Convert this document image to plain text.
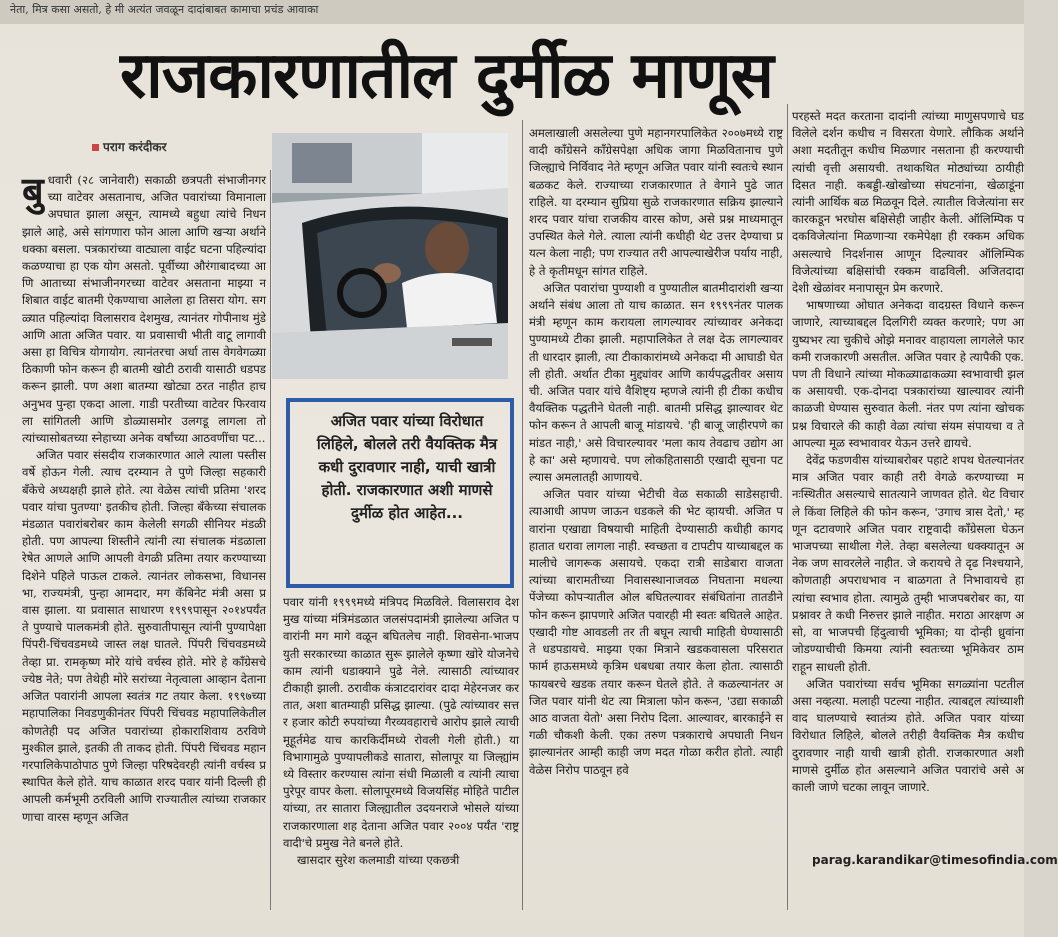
नेता, मित्र कसा असतो, हे मी अत्यंत जवळून दादांबाबत कामाचा प्रचंड आवाका
राजकारणातील दुर्मीळ माणूस
पराग करंदीकर

बुधवारी (२८ जानेवारी) सकाळी छत्रपती संभाजीनगरच्या वाटेवर असतानाच, अजित पवारांच्या विमानाला अपघात झाला असून, त्यामध्ये बहुधा त्यांचे निधन झाले आहे, असे सांगणारा फोन आला आणि खऱ्या अर्थाने धक्का बसला. पत्रकारांच्या वाट्याला वाईट घटना पहिल्यांदा कळण्याचा हा एक योग असतो. पूर्वीच्या औरंगाबादच्या आणि आताच्या संभाजीनगरच्या वाटेवर असताना माझ्या नशिबात वाईट बातमी ऐकण्याचा आलेला हा तिसरा योग. सगळ्यात पहिल्यांदा विलासराव देशमुख, त्यानंतर गोपीनाथ मुंडे आणि आता अजित पवार. या प्रवासाची भीती वाटू लागावी असा हा विचित्र योगायोग. त्यानंतरचा अर्धा तास वेगवेगळ्या ठिकाणी फोन करून ही बातमी खोटी ठरावी यासाठी धडपड करून झाली. पण अशा बातम्या खोट्या ठरत नाहीत हाच अनुभव पुन्हा एकदा आला. गाडी परतीच्या वाटेवर फिरवायला सांगितली आणि डोळ्यासमोर उलगडू लागला तो त्यांच्यासोबतच्या स्नेहाच्या अनेक वर्षांच्या आठवणींचा पट...

अजित पवार संसदीय राजकारणात आले त्याला पस्तीस वर्षे होऊन गेली. त्याच दरम्यान ते पुणे जिल्हा सहकारी बँकेचे अध्यक्षही झाले होते. त्या वेळेस त्यांची प्रतिमा 'शरद पवार यांचा पुतण्या' इतकीच होती. जिल्हा बँकेच्या संचालक मंडळात पवारांबरोबर काम केलेली सगळी सीनियर मंडळी होती. पण आपल्या शिस्तीने त्यांनी त्या संचालक मंडळाला रेषेत आणले आणि आपली वेगळी प्रतिमा तयार करण्याच्या दिशेने पहिले पाऊल टाकले. त्यानंतर लोकसभा, विधानसभा, राज्यमंत्री, पुन्हा आमदार, मग कॅबिनेट मंत्री असा प्रवास झाला. या प्रवासात साधारण १९९९पासून २०१४पर्यंत ते पुण्याचे पालकमंत्री होते. सुरुवातीपासून त्यांनी पुण्यापेक्षा पिंपरी-चिंचवडमध्ये जास्त लक्ष घातले. पिंपरी चिंचवडमध्ये तेव्हा प्रा. रामकृष्ण मोरे यांचे वर्चस्व होते. मोरे हे काँग्रेसचे ज्येष्ठ नेते; पण तेथेही मोरे सरांच्या नेतृत्वाला आव्हान देताना अजित पवारांनी आपला स्वतंत्र गट तयार केला. १९९७च्या महापालिका निवडणुकीनंतर पिंपरी चिंचवड महापालिकेतील कोणतेही पद अजित पवारांच्या होकाराशिवाय ठरविणे मुश्कील झाले, इतकी ती ताकद होती. पिंपरी चिंचवड महानगरपालिकेपाठोपाठ पुणे जिल्हा परिषदेवरही त्यांनी वर्चस्व प्रस्थापित केले होते. याच काळात शरद पवार यांनी दिल्ली ही आपली कर्मभूमी ठरविली आणि राज्यातील त्यांच्या राजकारणाचा वारस म्हणून अजित

पवार यांनी १९९९मध्ये मंत्रिपद मिळविले. विलासराव देशमुख यांच्या मंत्रिमंडळात जलसंपदामंत्री झालेल्या अजित पवारांनी मग मागे वळून बघितलेच नाही. शिवसेना-भाजप युती सरकारच्या काळात सुरू झालेले कृष्णा खोरे योजनेचे काम त्यांनी धडाक्याने पुढे नेले. त्यासाठी त्यांच्यावर टीकाही झाली. ठरावीक कंत्राटदारांवर दादा मेहेरनजर करतात, अशा बातम्याही प्रसिद्ध झाल्या. (पुढे त्यांच्यावर सत्तर हजार कोटी रुपयांच्या गैरव्यवहाराचे आरोप झाले त्याची मूहूर्तमेढ याच कारकिर्दीमध्ये रोवली गेली होती.) या विभागामुळे पुण्यापलीकडे सातारा, सोलापूर या जिल्ह्यांमध्ये विस्तार करण्यास त्यांना संधी मिळाली व त्यांनी त्याचा पुरेपूर वापर केला. सोलापूरमध्ये विजयसिंह मोहिते पाटील यांच्या, तर सातारा जिल्ह्यातील उदयनराजे भोसले यांच्या राजकारणाला शह देताना अजित पवार २००४ पर्यंत 'राष्ट्रवादी'चे प्रमुख नेते बनले होते.

खासदार सुरेश कलमाडी यांच्या एकछत्री

अजित पवार यांच्या विरोधात लिहिले, बोलले तरी वैयक्तिक मैत्र कधी दुरावणार नाही, याची खात्री होती. राजकारणात अशी माणसे दुर्मीळ होत आहेत...

अमलाखाली असलेल्या पुणे महानगरपालिकेत २००७मध्ये राष्ट्रवादी काँग्रेसने काँग्रेसपेक्षा अधिक जागा मिळवितानाच पुणे जिल्ह्याचे निर्विवाद नेते म्हणून अजित पवार यांनी स्वतःचे स्थान बळकट केले. राज्याच्या राजकारणात ते वेगाने पुढे जात राहिले. या दरम्यान सुप्रिया सुळे राजकारणात सक्रिय झाल्याने शरद पवार यांचा राजकीय वारस कोण, असे प्रश्न माध्यमातून उपस्थित केले गेले. त्याला त्यांनी कधीही थेट उत्तर देण्याचा प्रयत्न केला नाही; पण राज्यात तरी आपल्याखेरीज पर्याय नाही, हे ते कृतीमधून सांगत राहिले.

अजित पवारांचा पुण्याशी व पुण्यातील बातमीदारांशी खऱ्या अर्थाने संबंध आला तो याच काळात. सन १९९९नंतर पालकमंत्री म्हणून काम करायला लागल्यावर त्यांच्यावर अनेकदा पुण्यामध्ये टीका झाली. महापालिकेत ते लक्ष देऊ लागल्यावर ती धारदार झाली, त्या टीकाकारांमध्ये अनेकदा मी आघाडी घेतली होती. अर्थात टीका मुद्द्यांवर आणि कार्यपद्धतीवर असायची. अजित पवार यांचे वैशिष्ट्य म्हणजे त्यांनी ही टीका कधीच वैयक्तिक पद्धतीने घेतली नाही. बातमी प्रसिद्ध झाल्यावर थेट फोन करून ते आपली बाजू मांडायचे. 'ही बाजू जाहीरपणे का मांडत नाही,' असे विचारल्यावर 'मला काय तेवढाच उद्योग आहे का' असे म्हणायचे. पण लोकहितासाठी एखादी सूचना पटल्यास अमलातही आणायचे.

अजित पवार यांच्या भेटीची वेळ सकाळी साडेसहाची. त्याआधी आपण जाऊन धडकले की भेट व्हायची. अजित पवारांना एखाद्या विषयाची माहिती देण्यासाठी कधीही कागद हातात धरावा लागला नाही. स्वच्छता व टापटीप याच्याबद्दल कमालीचे जागरूक असायचे. एकदा रात्री साडेबारा वाजता त्यांच्या बारामतीच्या निवासस्थानाजवळ निघताना मधल्या पेंजेच्या कोपऱ्यातील ओल बघितल्यावर संबंधितांना तातडीने फोन करून झापणारे अजित पवारही मी स्वतः बघितले आहेत. एखादी गोष्ट आवडली तर ती बघून त्याची माहिती घेण्यासाठी ते धडपडायचे. माझ्या एका मित्राने खडकवासला परिसरात फार्म हाऊसमध्ये कृत्रिम धबधबा तयार केला होता. त्यासाठी फायबरचे खडक तयार करून घेतले होते. ते कळल्यानंतर अजित पवार यांनी थेट त्या मित्राला फोन करून, 'उद्या सकाळी आठ वाजता येतो' असा निरोप दिला. आल्यावर, बारकाईने सगळी चौकशी केली. एका तरुण पत्रकाराचे अपघाती निधन झाल्यानंतर आम्ही काही जण मदत गोळा करीत होतो. त्याही वेळेस निरोप पाठवून हवे

परहस्ते मदत करताना दादांनी त्यांच्या माणुसपणाचे घडविलेले दर्शन कधीच न विसरता येणारे. लौकिक अर्थाने अशा मदतीतून कधीच मिळणार नसताना ही करण्याची त्यांची वृत्ती असायची. तथाकथित मोठ्यांच्या ठायीही दिसत नाही. कबड्डी-खोखोच्या संघटनांना, खेळाडूंना त्यांनी आर्थिक बळ मिळवून दिले. त्यातील विजेत्यांना सरकारकडून भरघोस बक्षिसेही जाहीर केली. ऑलिम्पिक पदकविजेत्यांना मिळणाऱ्या रकमेपेक्षा ही रक्कम अधिक असल्याचे निदर्शनास आणून दिल्यावर ऑलिम्पिक विजेत्यांच्या बक्षिसांची रक्कम वाढविली. अजितदादा देशी खेळांवर मनापासून प्रेम करणारे.

भाषणाच्या ओघात अनेकदा वादग्रस्त विधाने करून जाणारे, त्याच्याबद्दल दिलगिरी व्यक्त करणारे; पण आयुष्यभर त्या चुकीचे ओझे मनावर वाहायला लागलेले फार कमी राजकारणी असतील. अजित पवार हे त्यापैकी एक. पण ती विधाने त्यांच्या मोकळ्याढाकळ्या स्वभावाची झलक असायची. एक-दोनदा पत्रकारांच्या खाल्यावर त्यांनी काळजी घेण्यास सुरुवात केली. नंतर पण त्यांना खोचक प्रश्न विचारले की काही वेळा त्यांचा संयम संपायचा व ते आपल्या मूळ स्वभावावर येऊन उत्तरे द्यायचे.

देवेंद्र फडणवीस यांच्याबरोबर पहाटे शपथ घेतल्यानंतर मात्र अजित पवार काही तरी वेगळे करण्याच्या मनःस्थितीत असल्याचे सातत्याने जाणवत होते. थेट विचारले किंवा लिहिले की फोन करून, 'उगाच त्रास देतो,' म्हणून दटावणारे अजित पवार राष्ट्रवादी काँग्रेसला घेऊन भाजपच्या साथीला गेले. तेव्हा बसलेल्या धक्क्यातून अनेक जण सावरलेले नाहीत. जे करायचे ते दृढ निश्चयाने, कोणताही अपराधभाव न बाळगता ते निभावायचे हा त्यांचा स्वभाव होता. त्यामुळे तुम्ही भाजपबरोबर का, या प्रश्नावर ते कधी निरुत्तर झाले नाहीत. मराठा आरक्षण असो, वा भाजपची हिंदुत्वाची भूमिका; या दोन्ही ध्रुवांना जोडण्याचीची किमया त्यांनी स्वतःच्या भूमिकेवर ठाम राहून साधली होती.

अजित पवारांच्या सर्वच भूमिका सगळ्यांना पटतील असा नव्हत्या. मलाही पटल्या नाहीत. त्याबद्दल त्यांच्याशी वाद घालण्याचे स्वातंत्र्य होते. अजित पवार यांच्या विरोधात लिहिले, बोलले तरीही वैयक्तिक मैत्र कधीच दुरावणार नाही याची खात्री होती. राजकारणात अशी माणसे दुर्मीळ होत असल्याने अजित पवारांचे असे अकाली जाणे चटका लावून जाणारे.

parag.karandikar@timesofindia.com
